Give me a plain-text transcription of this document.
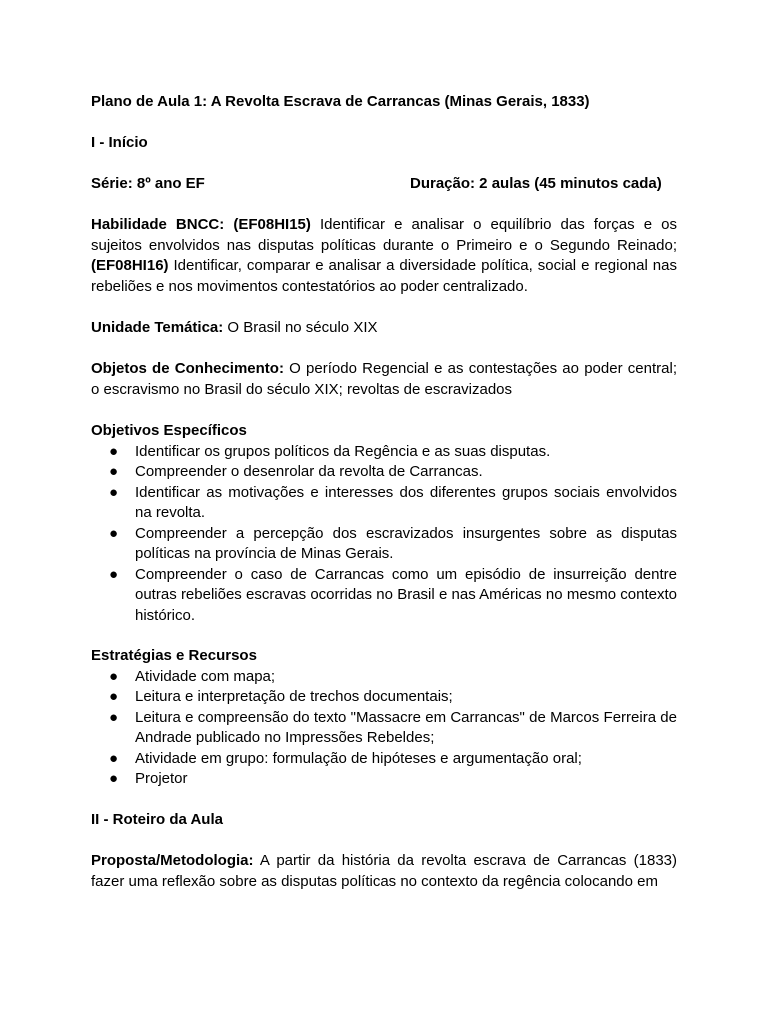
Plano de Aula 1: A Revolta Escrava de Carrancas (Minas Gerais, 1833)

I - Início

Série: 8º ano EF	Duração: 2 aulas (45 minutos cada)

Habilidade BNCC: (EF08HI15) Identificar e analisar o equilíbrio das forças e os sujeitos envolvidos nas disputas políticas durante o Primeiro e o Segundo Reinado; (EF08HI16) Identificar, comparar e analisar a diversidade política, social e regional nas rebeliões e nos movimentos contestatórios ao poder centralizado.

Unidade Temática: O Brasil no século XIX

Objetos de Conhecimento: O período Regencial e as contestações ao poder central; o escravismo no Brasil do século XIX; revoltas de escravizados

Objetivos Específicos

● Identificar os grupos políticos da Regência e as suas disputas.
● Compreender o desenrolar da revolta de Carrancas.
● Identificar as motivações e interesses dos diferentes grupos sociais envolvidos na revolta.
● Compreender a percepção dos escravizados insurgentes sobre as disputas políticas na província de Minas Gerais.
● Compreender o caso de Carrancas como um episódio de insurreição dentre outras rebeliões escravas ocorridas no Brasil e nas Américas no mesmo contexto histórico.

Estratégias e Recursos

● Atividade com mapa;
● Leitura e interpretação de trechos documentais;
● Leitura e compreensão do texto "Massacre em Carrancas" de Marcos Ferreira de Andrade publicado no Impressões Rebeldes;
● Atividade em grupo: formulação de hipóteses e argumentação oral;
● Projetor

II - Roteiro da Aula

Proposta/Metodologia: A partir da história da revolta escrava de Carrancas (1833) fazer uma reflexão sobre as disputas políticas no contexto da regência colocando em
